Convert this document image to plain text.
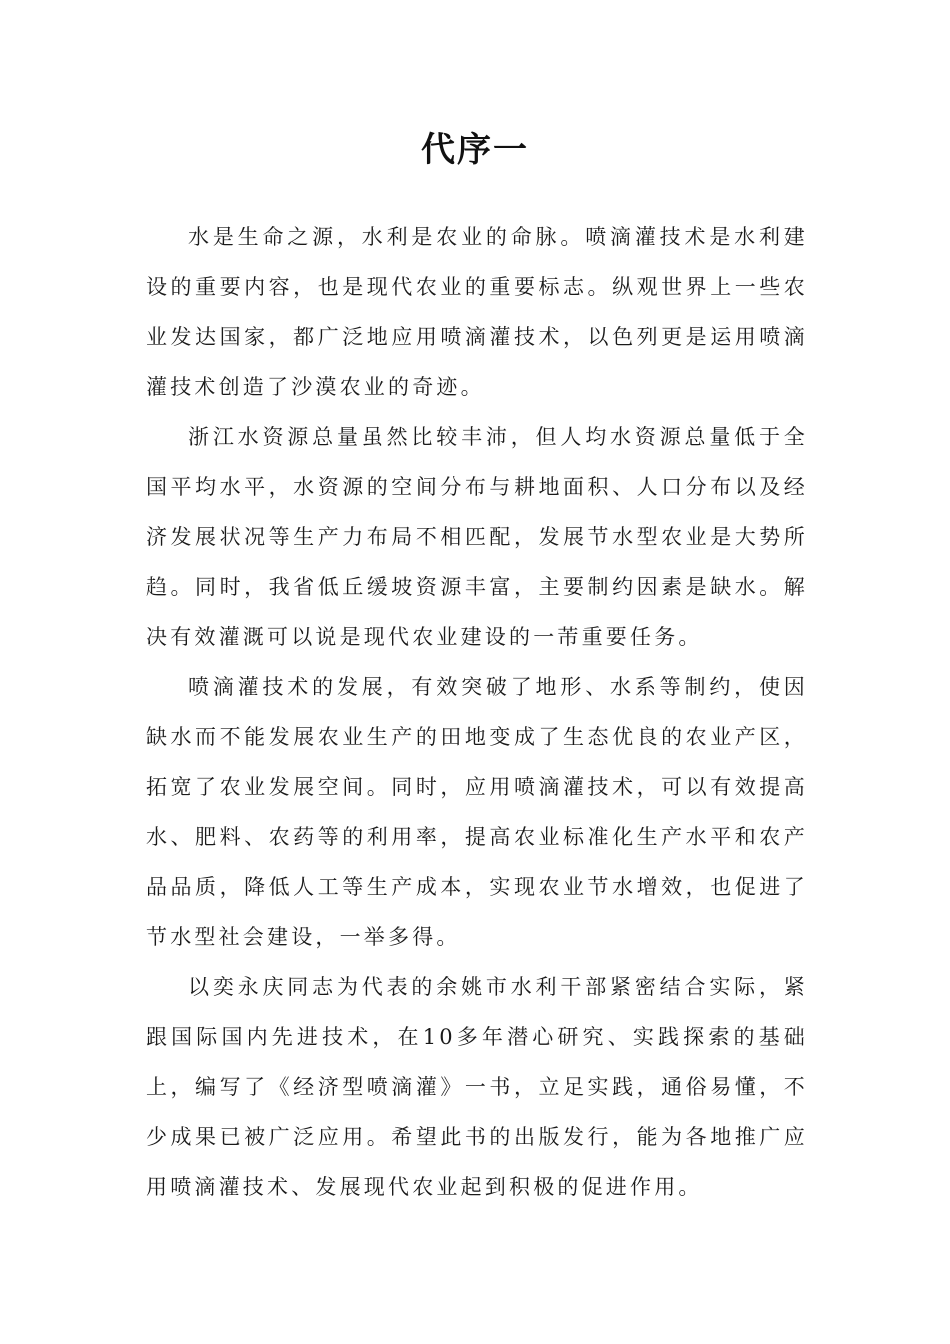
代序一

水是生命之源，水利是农业的命脉。喷滴灌技术是水利建设的重要内容，也是现代农业的重要标志。纵观世界上一些农业发达国家，都广泛地应用喷滴灌技术，以色列更是运用喷滴灌技术创造了沙漠农业的奇迹。

浙江水资源总量虽然比较丰沛，但人均水资源总量低于全国平均水平，水资源的空间分布与耕地面积、人口分布以及经济发展状况等生产力布局不相匹配，发展节水型农业是大势所趋。同时，我省低丘缓坡资源丰富，主要制约因素是缺水。解决有效灌溉可以说是现代农业建设的一芾重要任务。

喷滴灌技术的发展，有效突破了地形、水系等制约，使因缺水而不能发展农业生产的田地变成了生态优良的农业产区，拓宽了农业发展空间。同时，应用喷滴灌技术，可以有效提高水、肥料、农药等的利用率，提高农业标准化生产水平和农产品品质，降低人工等生产成本，实现农业节水增效，也促进了节水型社会建设，一举多得。

以奕永庆同志为代表的余姚市水利干部紧密结合实际，紧跟国际国内先进技术，在10多年潜心研究、实践探索的基础上，编写了《经济型喷滴灌》一书，立足实践，通俗易懂，不少成果已被广泛应用。希望此书的出版发行，能为各地推广应用喷滴灌技术、发展现代农业起到积极的促进作用。
